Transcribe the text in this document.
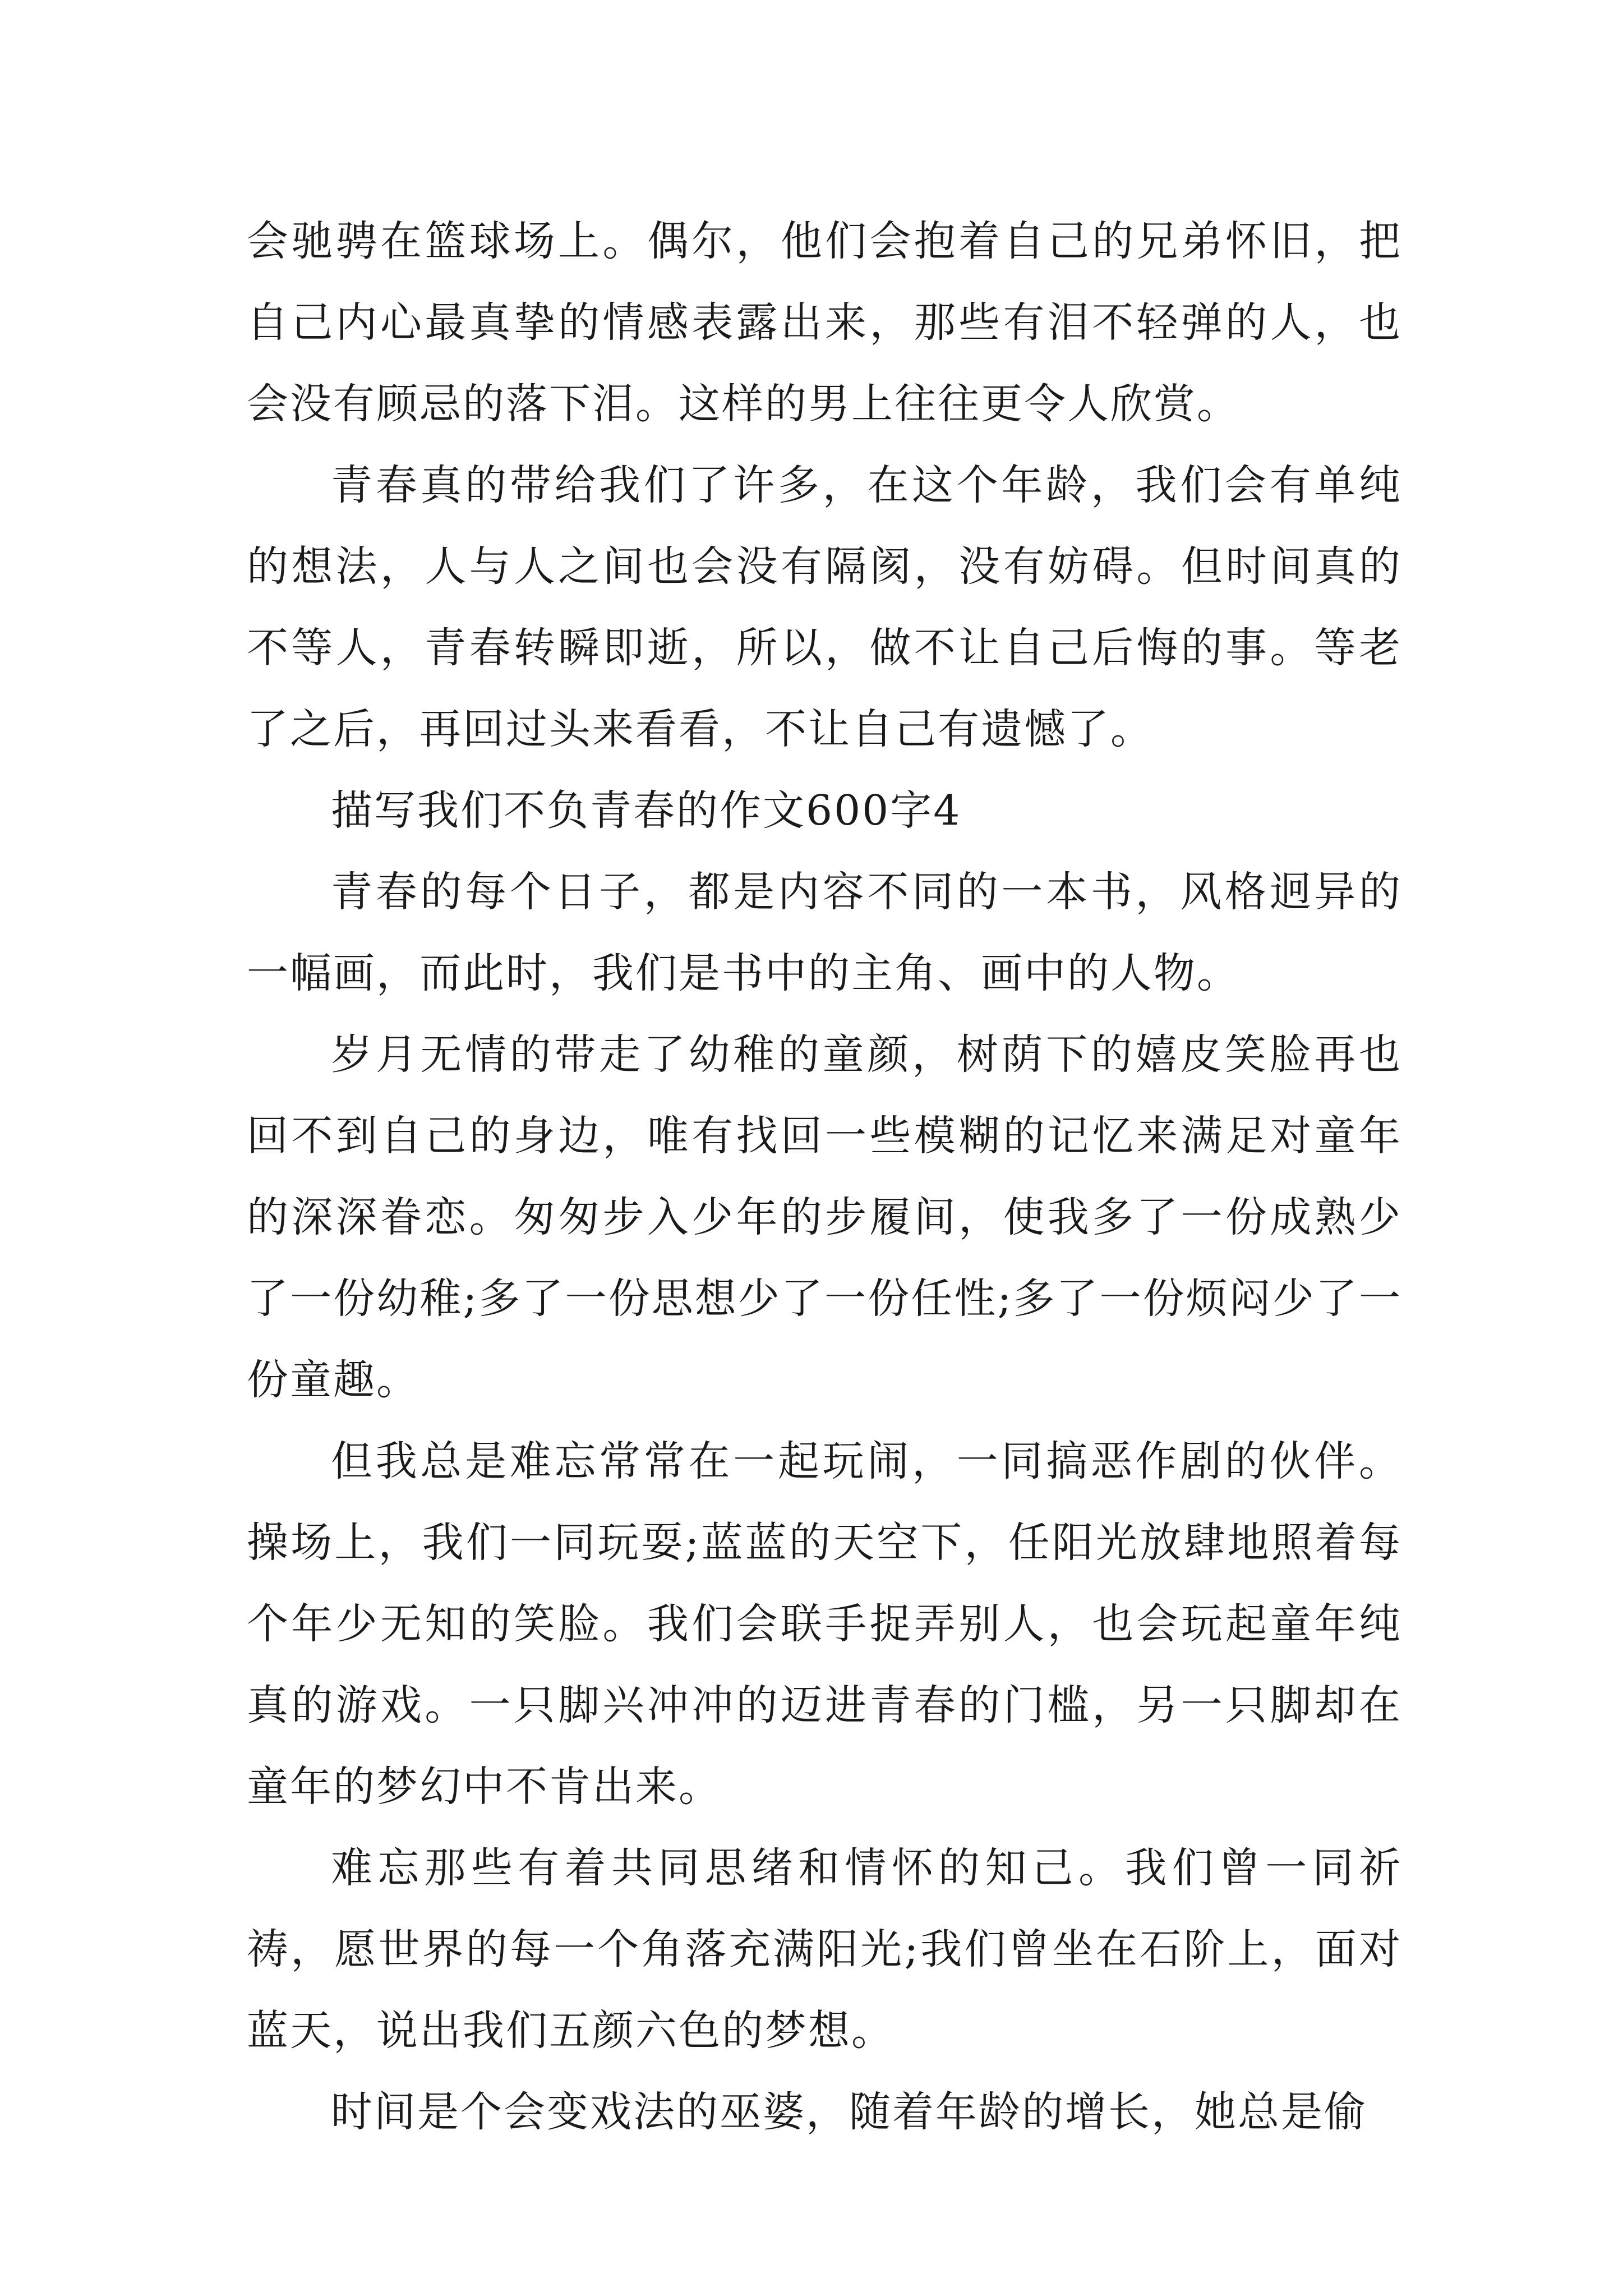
会驰骋在篮球场上。偶尔，他们会抱着自己的兄弟怀旧，把自己内心最真挚的情感表露出来，那些有泪不轻弹的人，也会没有顾忌的落下泪。这样的男上往往更令人欣赏。

青春真的带给我们了许多，在这个年龄，我们会有单纯的想法，人与人之间也会没有隔阂，没有妨碍。但时间真的不等人，青春转瞬即逝，所以，做不让自己后悔的事。等老了之后，再回过头来看看，不让自己有遗憾了。

描写我们不负青春的作文600字4

青春的每个日子，都是内容不同的一本书，风格迥异的一幅画，而此时，我们是书中的主角、画中的人物。

岁月无情的带走了幼稚的童颜，树荫下的嬉皮笑脸再也回不到自己的身边，唯有找回一些模糊的记忆来满足对童年的深深眷恋。匆匆步入少年的步履间，使我多了一份成熟少了一份幼稚;多了一份思想少了一份任性;多了一份烦闷少了一份童趣。

但我总是难忘常常在一起玩闹，一同搞恶作剧的伙伴。操场上，我们一同玩耍;蓝蓝的天空下，任阳光放肆地照着每个年少无知的笑脸。我们会联手捉弄别人，也会玩起童年纯真的游戏。一只脚兴冲冲的迈进青春的门槛，另一只脚却在童年的梦幻中不肯出来。

难忘那些有着共同思绪和情怀的知己。我们曾一同祈祷，愿世界的每一个角落充满阳光;我们曾坐在石阶上，面对蓝天，说出我们五颜六色的梦想。

时间是个会变戏法的巫婆，随着年龄的增长，她总是偷
